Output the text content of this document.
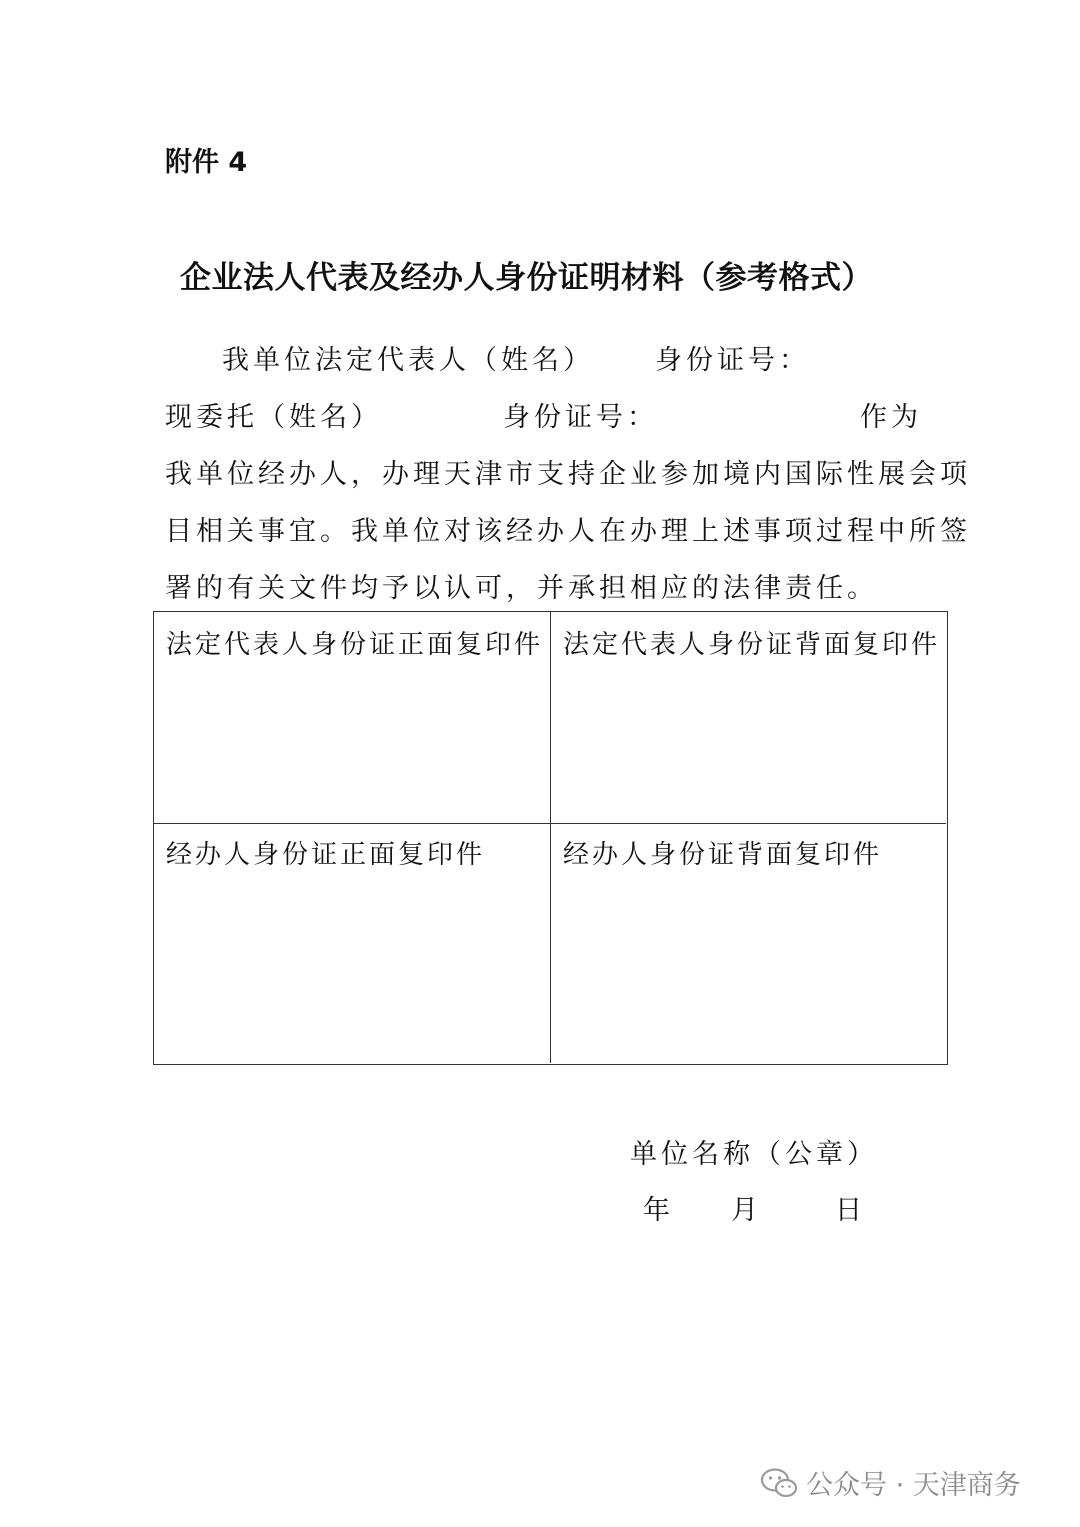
附件 4
企业法人代表及经办人身份证明材料（参考格式）
我单位法定代表人（姓名） 身份证号：
现委托（姓名）	身份证号：	作为
我单位经办人，办理天津市支持企业参加境内国际性展会项
目相关事宜。我单位对该经办人在办理上述事项过程中所签
署的有关文件均予以认可，并承担相应的法律责任。
法定代表人身份证正面复印件 法定代表人身份证背面复印件
经办人身份证正面复印件	经办人身份证背面复印件
单位名称（公章）
年 月	日
公众号 · 天津商务
